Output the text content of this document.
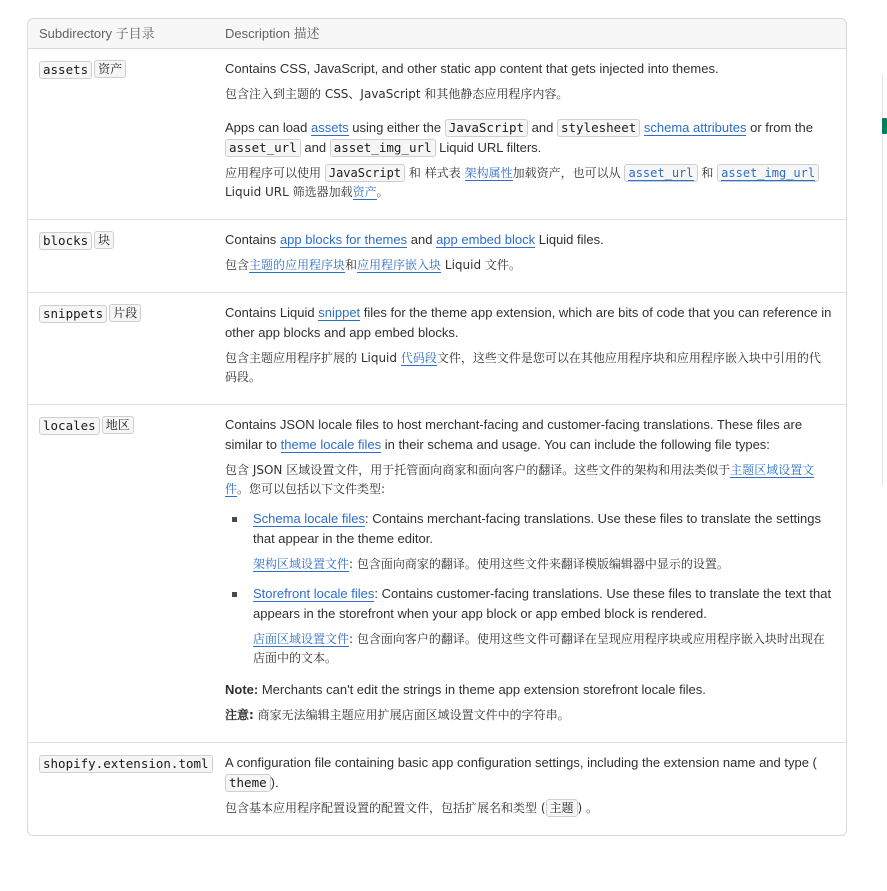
Subdirectory 子目录	Description 描述
assets 资产	Contains CSS, JavaScript, and other static app content that gets injected into themes.

包含注入到主题的 CSS、JavaScript 和其他静态应用程序内容。

Apps can load assets using either the JavaScript and stylesheet schema attributes or from the asset_url and asset_img_url Liquid URL filters.

应用程序可以使用 JavaScript 和 样式表 架构属性加载资产，也可以从 asset_url 和 asset_img_url Liquid URL 筛选器加载资产。

blocks 块	Contains app blocks for themes and app embed block Liquid files.

包含主题的应用程序块和应用程序嵌入块 Liquid 文件。

snippets 片段	Contains Liquid snippet files for the theme app extension, which are bits of code that you can reference in other app blocks and app embed blocks.

包含主题应用程序扩展的 Liquid 代码段文件，这些文件是您可以在其他应用程序块和应用程序嵌入块中引用的代码段。

locales 地区	Contains JSON locale files to host merchant-facing and customer-facing translations. These files are similar to theme locale files in their schema and usage. You can include the following file types:

包含 JSON 区域设置文件，用于托管面向商家和面向客户的翻译。这些文件的架构和用法类似于主题区域设置文件。您可以包括以下文件类型:

Schema locale files: Contains merchant-facing translations. Use these files to translate the settings that appear in the theme editor.

架构区域设置文件: 包含面向商家的翻译。使用这些文件来翻译模版编辑器中显示的设置。

Storefront locale files: Contains customer-facing translations. Use these files to translate the text that appears in the storefront when your app block or app embed block is rendered.

店面区域设置文件: 包含面向客户的翻译。使用这些文件可翻译在呈现应用程序块或应用程序嵌入块时出现在店面中的文本。

Note: Merchants can't edit the strings in theme app extension storefront locale files.

注意: 商家无法编辑主题应用扩展店面区域设置文件中的字符串。

shopify.extension.toml	A configuration file containing basic app configuration settings, including the extension name and type (theme ).

包含基本应用程序配置设置的配置文件，包括扩展名和类型 ( 主题 ) 。
